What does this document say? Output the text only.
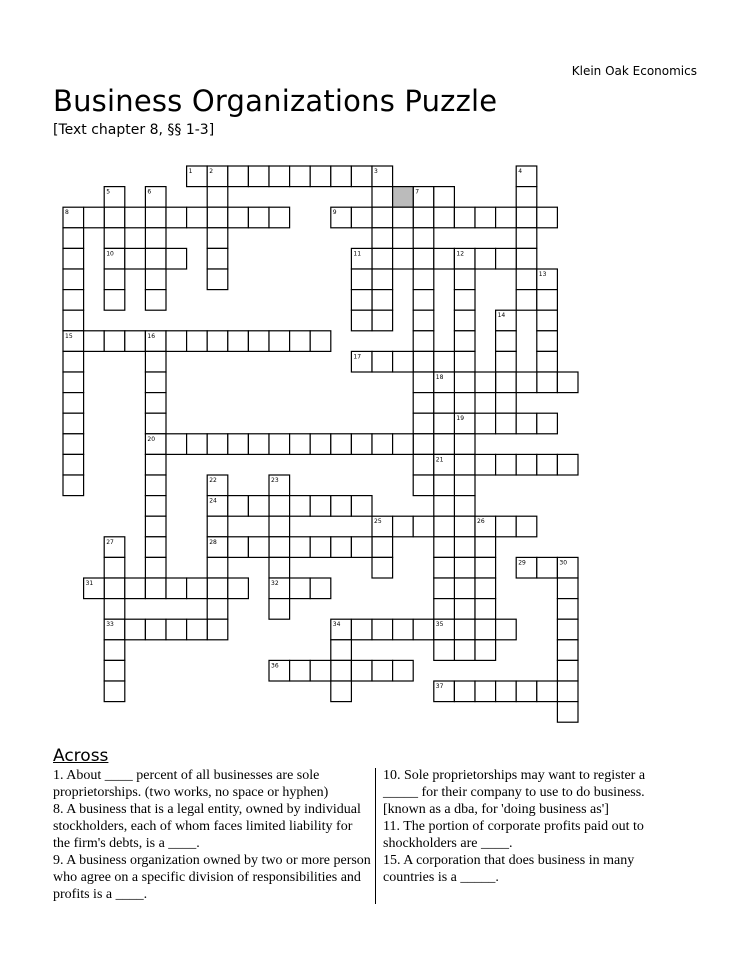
Klein Oak Economics
Business Organizations Puzzle
[Text chapter 8, §§ 1-3]
1	2	3	4
5	6	7
8	9
10	11	12
13
14
15	16
17
18
19
20
21
22	23
24
25	26
27	28
29	30
31	32
33	34	35
36
37
Across

1. About ____ percent of all businesses are sole proprietorships. (two works, no space or hyphen)

8. A business that is a legal entity, owned by individual stockholders, each of whom faces limited liability for the firm's debts, is a ____.

9. A business organization owned by two or more person who agree on a specific division of responsibilities and profits is a ____.

10. Sole proprietorships may want to register a _____ for their company to use to do business. [known as a dba, for 'doing business as']

11. The portion of corporate profits paid out to shockholders are ____.

15. A corporation that does business in many countries is a _____.
